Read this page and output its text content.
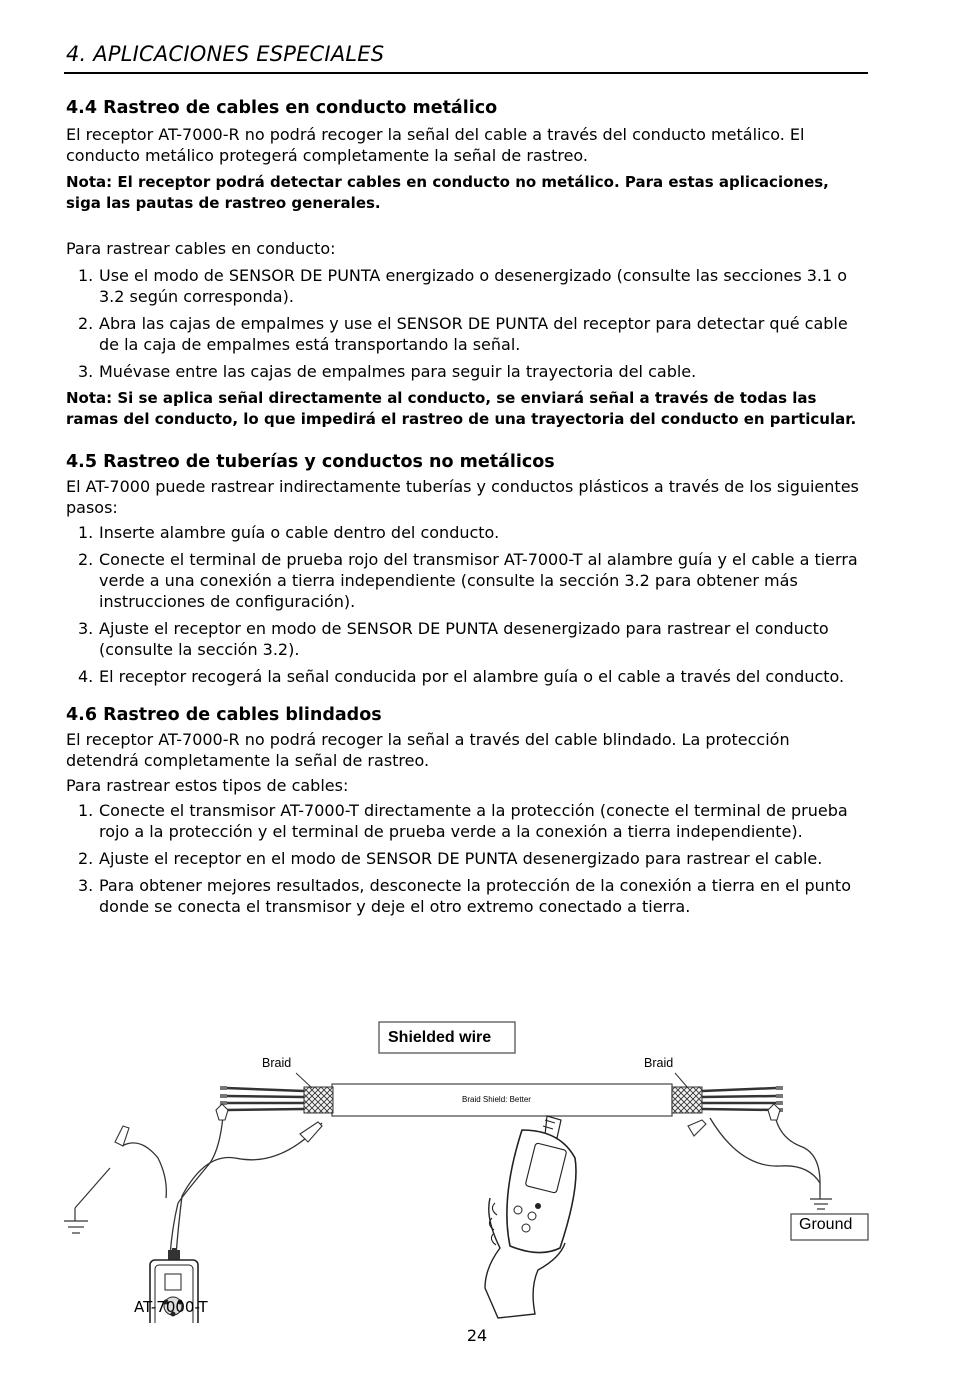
4. APLICACIONES ESPECIALES
4.4 Rastreo de cables en conducto metálico

El receptor AT-7000-R no podrá recoger la señal del cable a través del conducto metálico. El conducto metálico protegerá completamente la señal de rastreo.

Nota: El receptor podrá detectar cables en conducto no metálico. Para estas aplicaciones, siga las pautas de rastreo generales.

Para rastrear cables en conducto:

1. Use el modo de SENSOR DE PUNTA energizado o desenergizado (consulte las secciones 3.1 o 3.2 según corresponda).
2. Abra las cajas de empalmes y use el SENSOR DE PUNTA del receptor para detectar qué cable de la caja de empalmes está transportando la señal.
3. Muévase entre las cajas de empalmes para seguir la trayectoria del cable.

Nota: Si se aplica señal directamente al conducto, se enviará señal a través de todas las ramas del conducto, lo que impedirá el rastreo de una trayectoria del conducto en particular.

4.5 Rastreo de tuberías y conductos no metálicos

El AT-7000 puede rastrear indirectamente tuberías y conductos plásticos a través de los siguientes pasos:

1. Inserte alambre guía o cable dentro del conducto.
2. Conecte el terminal de prueba rojo del transmisor AT-7000-T al alambre guía y el cable a tierra verde a una conexión a tierra independiente (consulte la sección 3.2 para obtener más instrucciones de configuración).
3. Ajuste el receptor en modo de SENSOR DE PUNTA desenergizado para rastrear el conducto (consulte la sección 3.2).
4. El receptor recogerá la señal conducida por el alambre guía o el cable a través del conducto.
4.6 Rastreo de cables blindados

El receptor AT-7000-R no podrá recoger la señal a través del cable blindado. La protección detendrá completamente la señal de rastreo.

Para rastrear estos tipos de cables:

1. Conecte el transmisor AT-7000-T directamente a la protección (conecte el terminal de prueba rojo a la protección y el terminal de prueba verde a la conexión a tierra independiente).
2. Ajuste el receptor en el modo de SENSOR DE PUNTA desenergizado para rastrear el cable.
3. Para obtener mejores resultados, desconecte la protección de la conexión a tierra en el punto donde se conecta el transmisor y deje el otro extremo conectado a tierra.
Shielded wire
Braid	Braid
Braid Shield: Better
Ground
AT-7000-T
24
